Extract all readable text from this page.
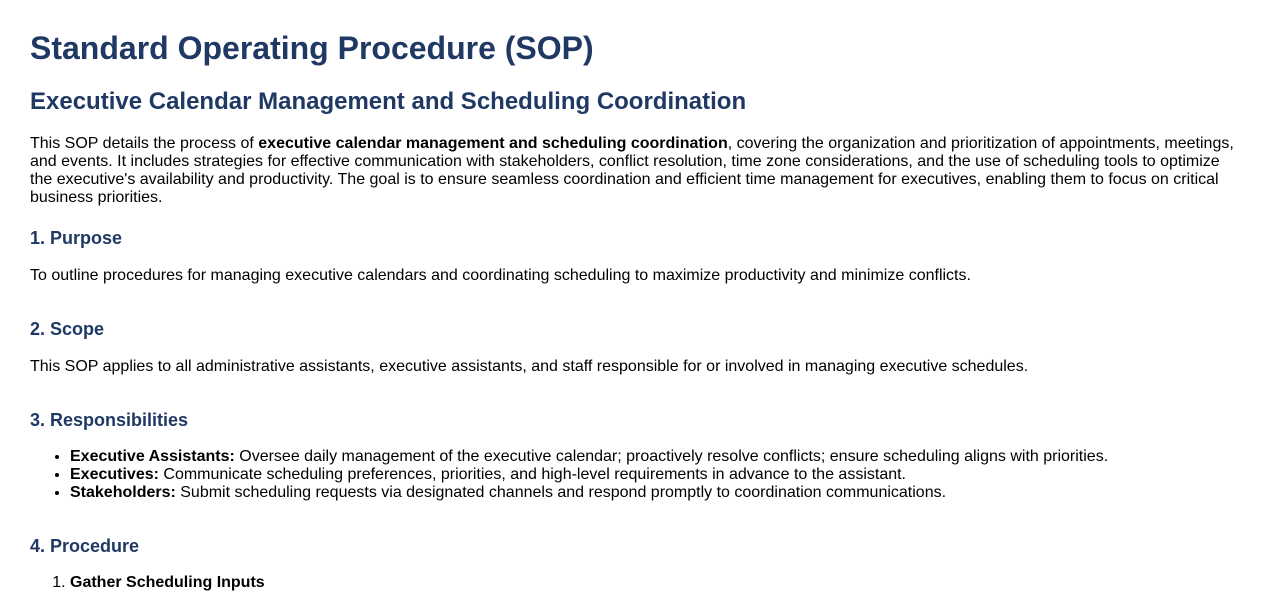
Standard Operating Procedure (SOP)
Executive Calendar Management and Scheduling Coordination

This SOP details the process of executive calendar management and scheduling coordination, covering the organization and prioritization of appointments, meetings, and events. It includes strategies for effective communication with stakeholders, conflict resolution, time zone considerations, and the use of scheduling tools to optimize the executive's availability and productivity. The goal is to ensure seamless coordination and efficient time management for executives, enabling them to focus on critical business priorities.

1. Purpose

To outline procedures for managing executive calendars and coordinating scheduling to maximize productivity and minimize conflicts.

2. Scope

This SOP applies to all administrative assistants, executive assistants, and staff responsible for or involved in managing executive schedules.

3. Responsibilities
• Executive Assistants: Oversee daily management of the executive calendar; proactively resolve conflicts; ensure scheduling aligns with priorities.
• Executives: Communicate scheduling preferences, priorities, and high-level requirements in advance to the assistant.
• Stakeholders: Submit scheduling requests via designated channels and respond promptly to coordination communications.
4. Procedure
1. Gather Scheduling Inputs
